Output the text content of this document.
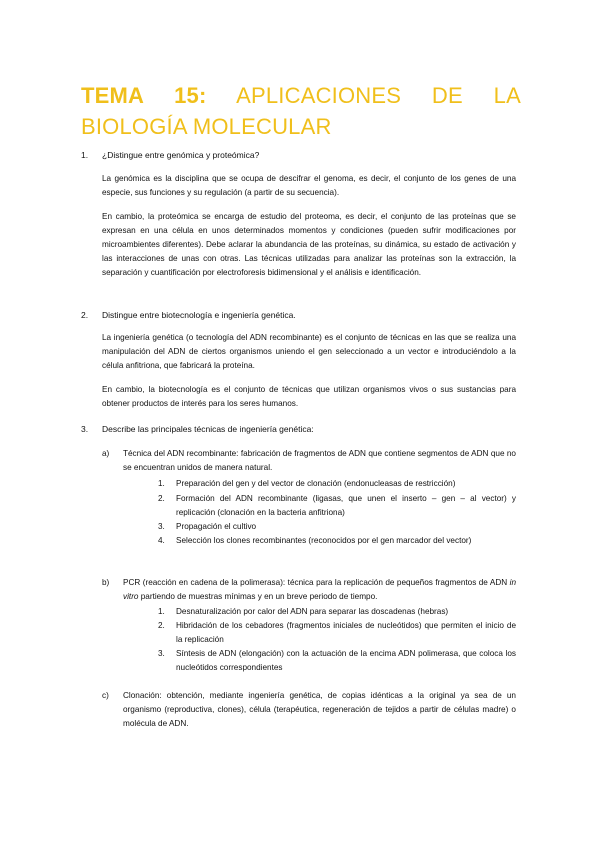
TEMA 15: APLICACIONES DE LA BIOLOGÍA MOLECULAR
1. ¿Distingue entre genómica y proteómica?
La genómica es la disciplina que se ocupa de descifrar el genoma, es decir, el conjunto de los genes de una especie, sus funciones y su regulación (a partir de su secuencia).
En cambio, la proteómica se encarga de estudio del proteoma, es decir, el conjunto de las proteínas que se expresan en una célula en unos determinados momentos y condiciones (pueden sufrir modificaciones por microambientes diferentes). Debe aclarar la abundancia de las proteínas, su dinámica, su estado de activación y las interacciones de unas con otras. Las técnicas utilizadas para analizar las proteínas son la extracción, la separación y cuantificación por electroforesis bidimensional y el análisis e identificación.
2. Distingue entre biotecnología e ingeniería genética.
La ingeniería genética (o tecnología del ADN recombinante) es el conjunto de técnicas en las que se realiza una manipulación del ADN de ciertos organismos uniendo el gen seleccionado a un vector e introduciéndolo a la célula anfitriona, que fabricará la proteína.
En cambio, la biotecnología es el conjunto de técnicas que utilizan organismos vivos o sus sustancias para obtener productos de interés para los seres humanos.
3. Describe las principales técnicas de ingeniería genética:
a) Técnica del ADN recombinante: fabricación de fragmentos de ADN que contiene segmentos de ADN que no se encuentran unidos de manera natural.
1. Preparación del gen y del vector de clonación (endonucleasas de restricción)
2. Formación del ADN recombinante (ligasas, que unen el inserto – gen – al vector) y replicación (clonación en la bacteria anfitriona)
3. Propagación el cultivo
4. Selección los clones recombinantes (reconocidos por el gen marcador del vector)
b) PCR (reacción en cadena de la polimerasa): técnica para la replicación de pequeños fragmentos de ADN in vitro partiendo de muestras mínimas y en un breve periodo de tiempo.
1. Desnaturalización por calor del ADN para separar las doscadenas (hebras)
2. Hibridación de los cebadores (fragmentos iniciales de nucleótidos) que permiten el inicio de la replicación
3. Síntesis de ADN (elongación) con la actuación de la encima ADN polimerasa, que coloca los nucleótidos correspondientes
c) Clonación: obtención, mediante ingeniería genética, de copias idénticas a la original ya sea de un organismo (reproductiva, clones), célula (terapéutica, regeneración de tejidos a partir de células madre) o molécula de ADN.
